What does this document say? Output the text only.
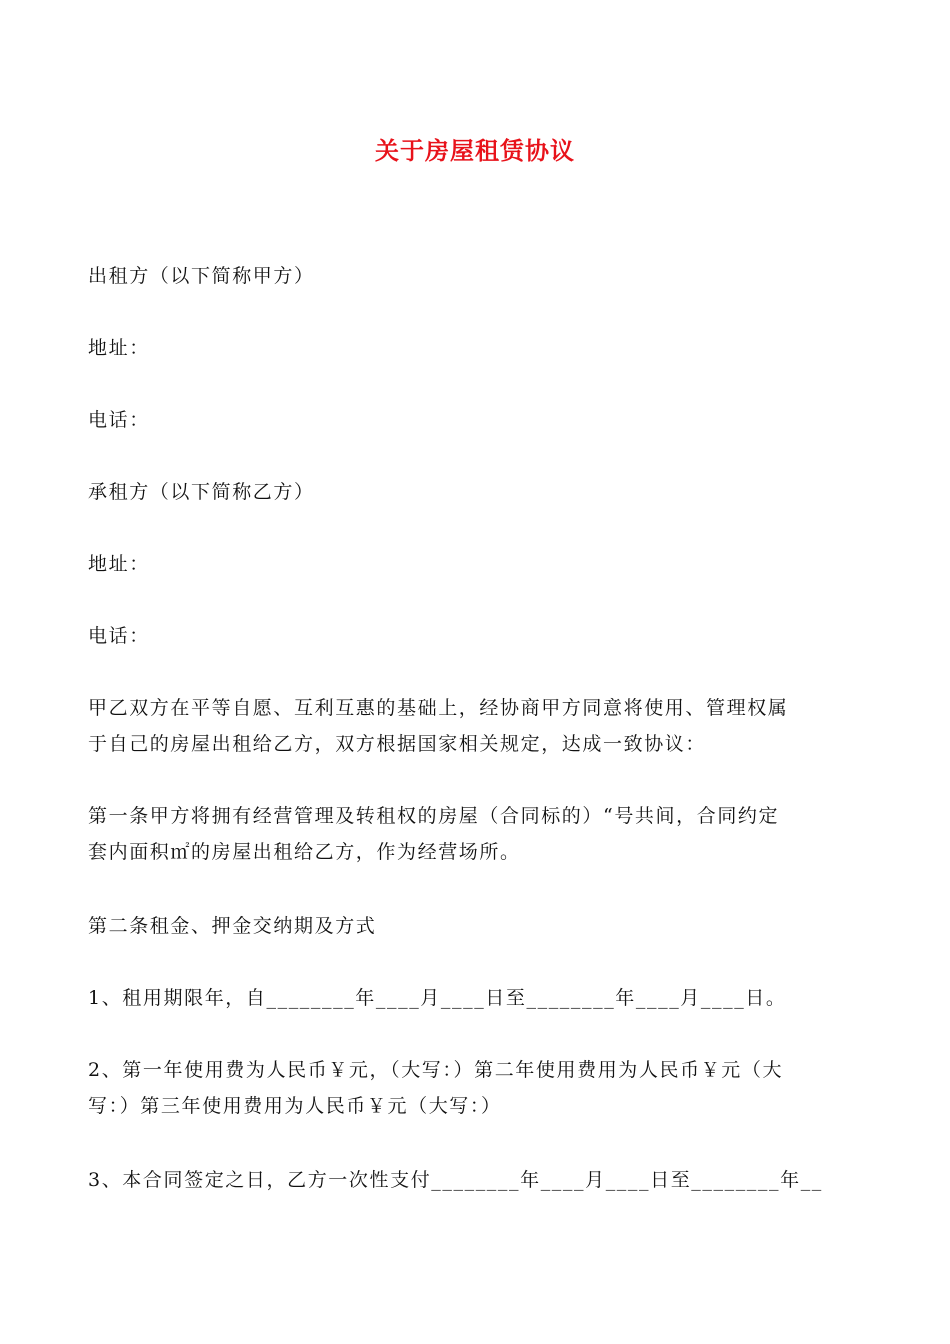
关于房屋租赁协议
出租方（以下简称甲方）
地址：
电话：
承租方（以下简称乙方）
地址：
电话：
甲乙双方在平等自愿、互利互惠的基础上，经协商甲方同意将使用、管理权属
于自己的房屋出租给乙方，双方根据国家相关规定，达成一致协议：
第一条甲方将拥有经营管理及转租权的房屋（合同标的）“号共间，合同约定
套内面积㎡的房屋出租给乙方，作为经营场所。
第二条租金、押金交纳期及方式
1、租用期限年，自________年____月____日至________年____月____日。
2、第一年使用费为人民币￥元，（大写：）第二年使用费用为人民币￥元（大
写：）第三年使用费用为人民币￥元（大写：）
3、本合同签定之日，乙方一次性支付________年____月____日至________年__
